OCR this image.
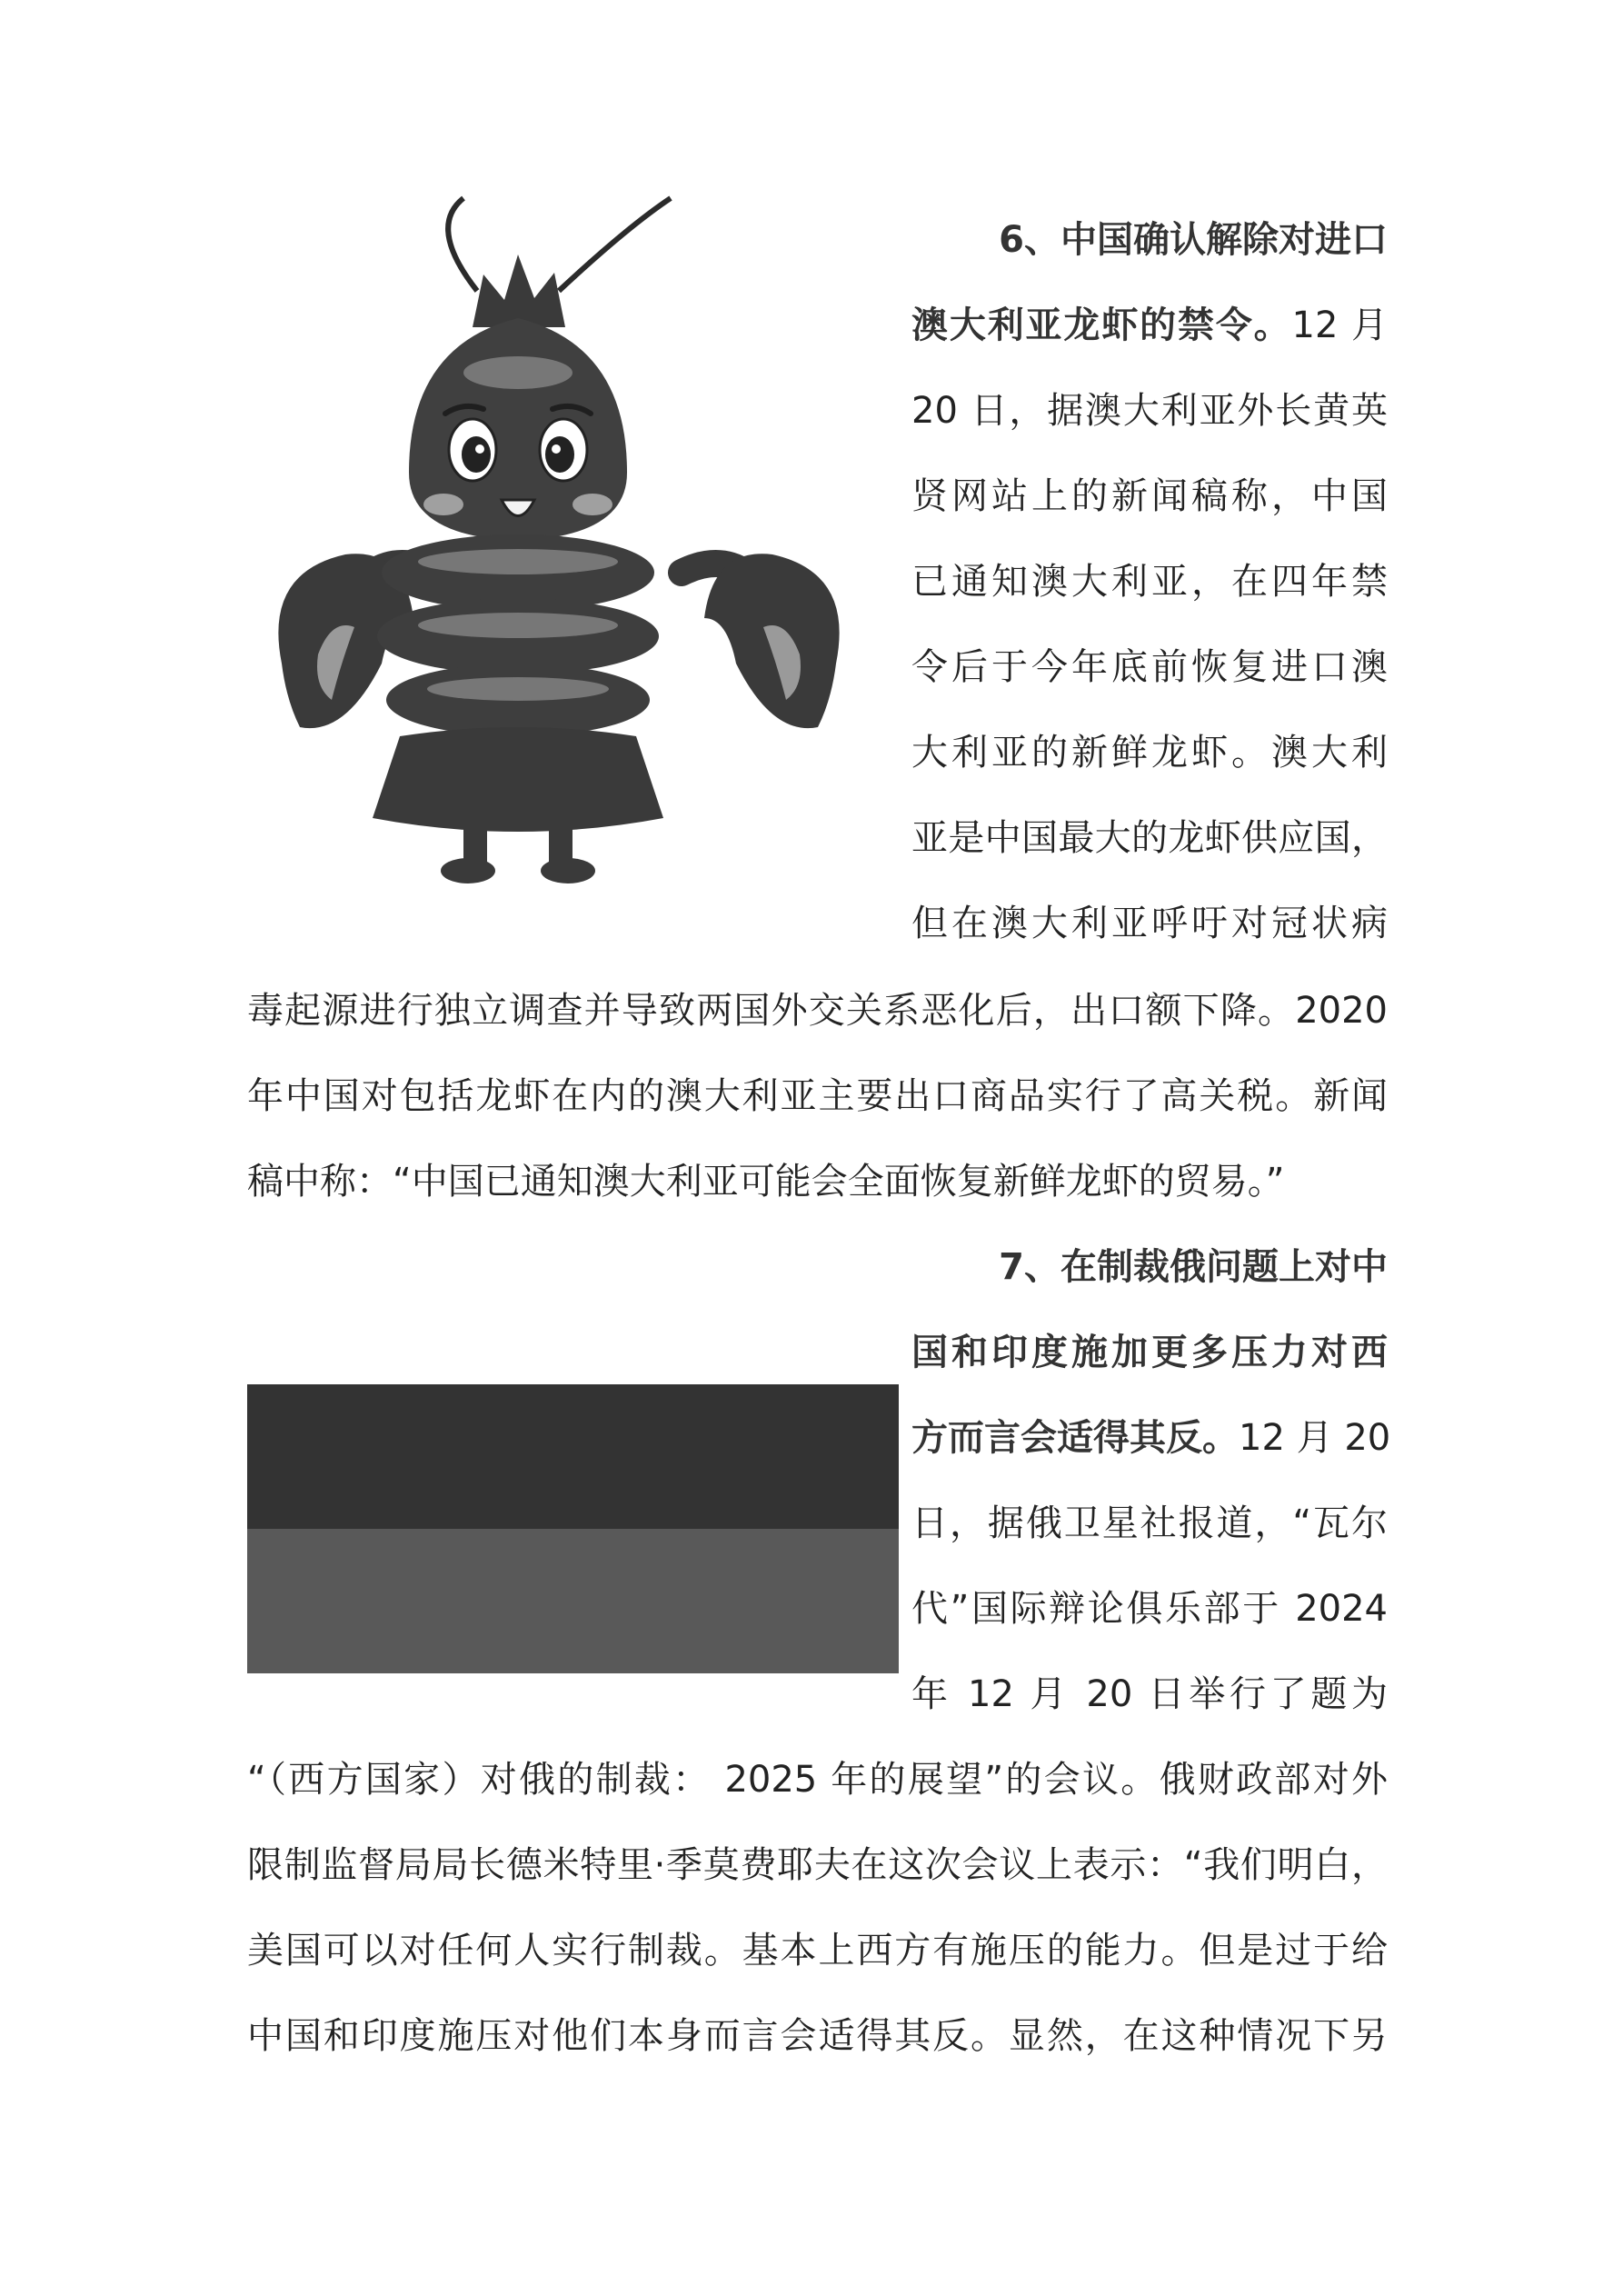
6、中国确认解除对进口
澳大利亚龙虾的禁令。12 月
20 日，据澳大利亚外长黄英
贤网站上的新闻稿称，中国
已通知澳大利亚，在四年禁
令后于今年底前恢复进口澳
大利亚的新鲜龙虾。澳大利
亚是中国最大的龙虾供应国，
但在澳大利亚呼吁对冠状病
毒起源进行独立调查并导致两国外交关系恶化后，出口额下降。2020
年中国对包括龙虾在内的澳大利亚主要出口商品实行了高关税。新闻
稿中称：“中国已通知澳大利亚可能会全面恢复新鲜龙虾的贸易。”
7、在制裁俄问题上对中
国和印度施加更多压力对西
方而言会适得其反。12 月 20
日，据俄卫星社报道，“瓦尔
代”国际辩论俱乐部于 2024
年 12 月 20 日举行了题为
“（西方国家）对俄的制裁： 2025 年的展望”的会议。俄财政部对外
限制监督局局长德米特里·季莫费耶夫在这次会议上表示：“我们明白，
美国可以对任何人实行制裁。基本上西方有施压的能力。但是过于给
中国和印度施压对他们本身而言会适得其反。显然，在这种情况下另
